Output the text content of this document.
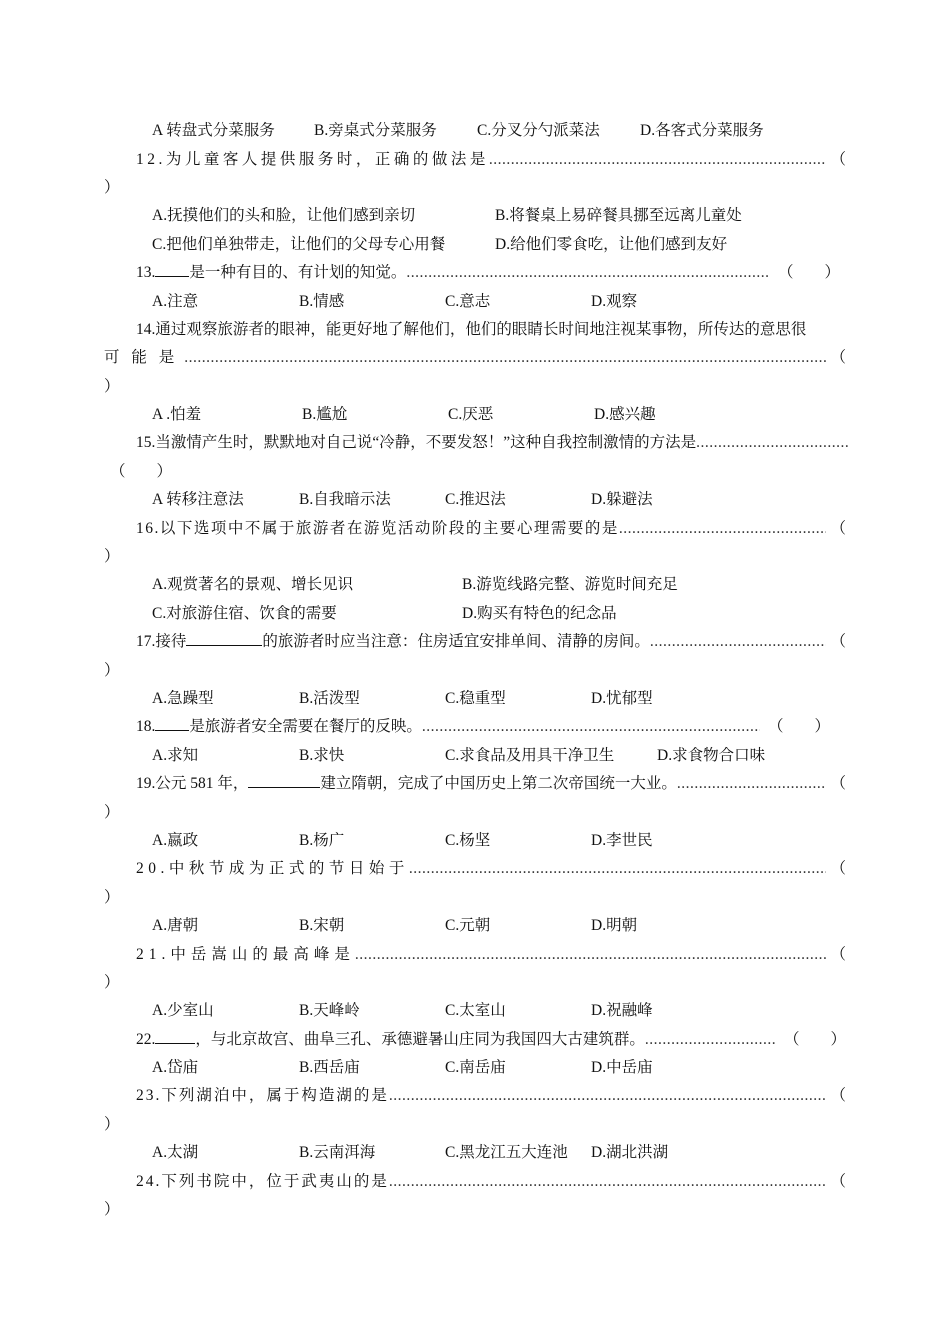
A 转盘式分菜服务	B.旁桌式分菜服务	C.分叉分勺派菜法	D.各客式分菜服务
12.为儿童客人提供服务时，正确的做法是 .....	（
）
A.抚摸他们的头和脸，让他们感到亲切	B.将餐桌上易碎餐具挪至远离儿童处
C.把他们单独带走，让他们的父母专心用餐	D.给他们零食吃，让他们感到友好
13. 是一种有目的、有计划的知觉。 .....	（        ）
A.注意	B.情感	C.意志	D.观察
14.通过观察旅游者的眼神，能更好地了解他们，他们的眼睛长时间地注视某事物，所传达的意思很
可 能 是 .....	（
）
A .怕羞	B.尴尬	C.厌恶	D.感兴趣
15.当激情产生时，默默地对自己说“冷静，不要发怒！”这种自我控制激情的方法是
.....
（        ）
A 转移注意法	B.自我暗示法	C.推迟法	D.躲避法
16.以下选项中不属于旅游者在游览活动阶段的主要心理需要的是 .....	（
）
A.观赏著名的景观、增长见识	B.游览线路完整、游览时间充足
C.对旅游住宿、饮食的需要	D.购买有特色的纪念品
17.接待	的旅游者时应当注意：住房适宜安排单间、清静的房间。 .....	（
）
A.急躁型	B.活泼型	C.稳重型	D.忧郁型
18. 是旅游者安全需要在餐厅的反映。 .....	（        ）
A.求知	B.求快	C.求食品及用具干净卫生	D.求食物合口味
19.公元 581 年，	建立隋朝，完成了中国历史上第二次帝国统一大业。 .....	（
）
A.嬴政	B.杨广	C.杨坚	D.李世民
20.中秋节成为正式的节日始于 .....	（
）
A.唐朝	B.宋朝	C.元朝	D.明朝
21.中岳嵩山的最高峰是 .....	（
）
A.少室山	B.天峰岭	C.太室山	D.祝融峰
22.	，与北京故宫、曲阜三孔、承德避暑山庄同为我国四大古建筑群。 .....	（        ）
A.岱庙	B.西岳庙	C.南岳庙	D.中岳庙
23.下列湖泊中，属于构造湖的是 .....	（
）
A.太湖	B.云南洱海	C.黑龙江五大连池 D.湖北洪湖
24.下列书院中，位于武夷山的是 .....	（
）
